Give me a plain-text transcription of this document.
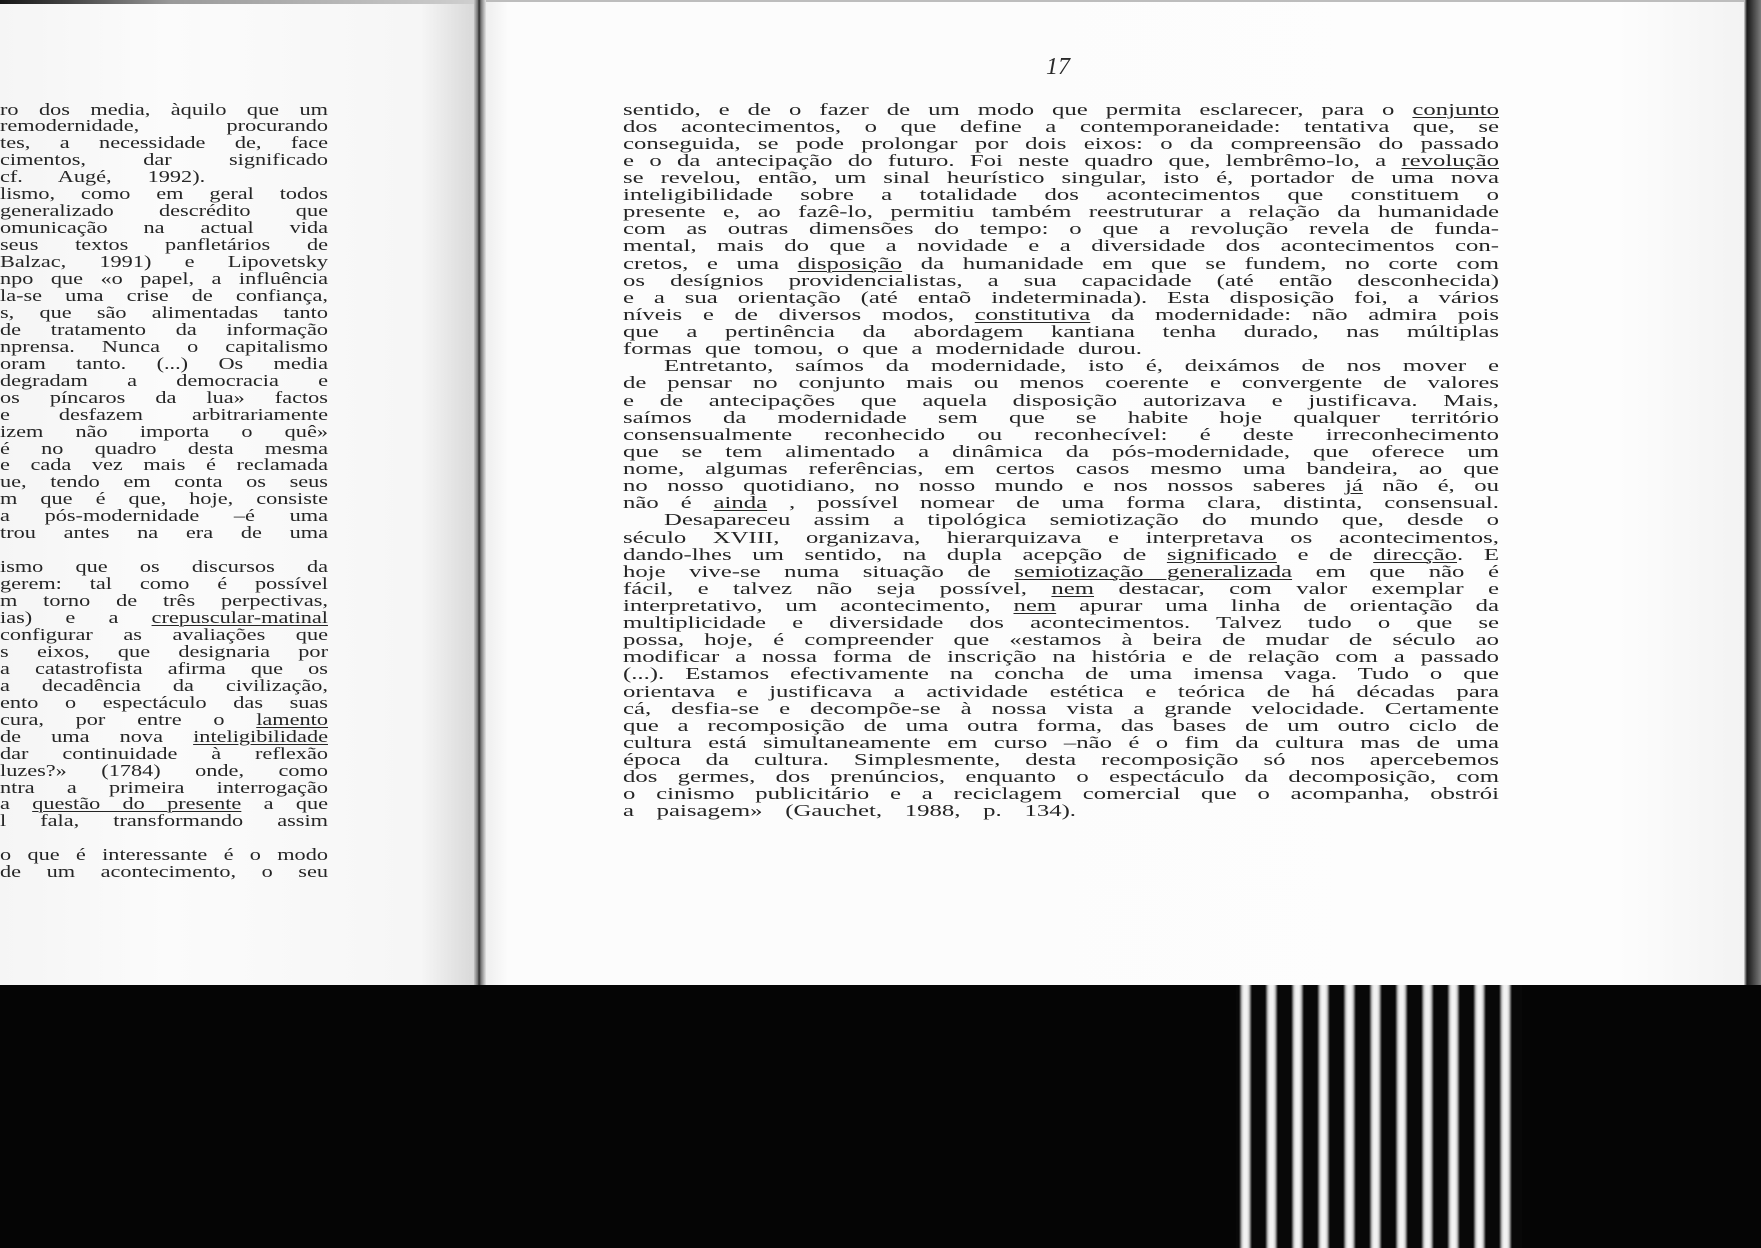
ro dos media, àquilo que um
remodernidade, procurando
tes, a necessidade de, face
cimentos, dar significado
cf. Augé, 1992).
lismo, como em geral todos
generalizado descrédito que
omunicação na actual vida
seus textos panfletários de
Balzac, 1991) e Lipovetsky
npo que «o papel, a influência
la-se uma crise de confiança,
s, que são alimentadas tanto
de tratamento da informação
nprensa. Nunca o capitalismo
oram tanto. (...) Os media
degradam a democracia e
os píncaros da lua» factos
e desfazem arbitrariamente
izem não importa o quê»
é no quadro desta mesma
e cada vez mais é reclamada
ue, tendo em conta os seus
m que é que, hoje, consiste
a pós-modernidade –é uma
trou antes na era de uma
ismo que os discursos da
gerem: tal como é possível
m torno de três perpectivas,
ias) e a crepuscular-matinal
configurar as avaliações que
s eixos, que designaria por
a catastrofista afirma que os
a decadência da civilização,
ento o espectáculo das suas
cura, por entre o lamento
de uma nova inteligibilidade
dar continuidade à reflexão
luzes?» (1784) onde, como
ntra a primeira interrogação
a questão do presente a que
l fala, transformando assim
o que é interessante é o modo
de um acontecimento, o seu
sentido, e de o fazer de um modo que permita esclarecer, para o conjunto
dos acontecimentos, o que define a contemporaneidade: tentativa que, se
conseguida, se pode prolongar por dois eixos: o da compreensão do passado
e o da antecipação do futuro. Foi neste quadro que, lembrêmo-lo, a revolução
se revelou, então, um sinal heurístico singular, isto é, portador de uma nova
inteligibilidade sobre a totalidade dos acontecimentos que constituem o
presente e, ao fazê-lo, permitiu também reestruturar a relação da humanidade
com as outras dimensões do tempo: o que a revolução revela de funda-
mental, mais do que a novidade e a diversidade dos acontecimentos con-
cretos, e uma disposição da humanidade em que se fundem, no corte com
os desígnios providencialistas, a sua capacidade (até então desconhecida)
e a sua orientação (até entaõ indeterminada). Esta disposição foi, a vários
níveis e de diversos modos, constitutiva da modernidade: não admira pois
que a pertinência da abordagem kantiana tenha durado, nas múltiplas
formas que tomou, o que a modernidade durou.
Entretanto, saímos da modernidade, isto é, deixámos de nos mover e
de pensar no conjunto mais ou menos coerente e convergente de valores
e de antecipações que aquela disposição autorizava e justificava. Mais,
saímos da modernidade sem que se habite hoje qualquer território
consensualmente reconhecido ou reconhecível: é deste irreconhecimento
que se tem alimentado a dinâmica da pós-modernidade, que oferece um
nome, algumas referências, em certos casos mesmo uma bandeira, ao que
no nosso quotidiano, no nosso mundo e nos nossos saberes já não é, ou
não é ainda , possível nomear de uma forma clara, distinta, consensual.
Desapareceu assim a tipológica semiotização do mundo que, desde o
século XVIII, organizava, hierarquizava e interpretava os acontecimentos,
dando-lhes um sentido, na dupla acepção de significado e de direcção. E
hoje vive-se numa situação de semiotização generalizada em que não é
fácil, e talvez não seja possível, nem destacar, com valor exemplar e
interpretativo, um acontecimento, nem apurar uma linha de orientação da
multiplicidade e diversidade dos acontecimentos. Talvez tudo o que se
possa, hoje, é compreender que «estamos à beira de mudar de século ao
modificar a nossa forma de inscrição na história e de relação com a passado
(...). Estamos efectivamente na concha de uma imensa vaga. Tudo o que
orientava e justificava a actividade estética e teórica de há décadas para
cá, desfia-se e decompõe-se à nossa vista a grande velocidade. Certamente
que a recomposição de uma outra forma, das bases de um outro ciclo de
cultura está simultaneamente em curso –não é o fim da cultura mas de uma
época da cultura. Simplesmente, desta recomposição só nos apercebemos
dos germes, dos prenúncios, enquanto o espectáculo da decomposição, com
o cinismo publicitário e a reciclagem comercial que o acompanha, obstrói
a paisagem» (Gauchet, 1988, p. 134).
17
